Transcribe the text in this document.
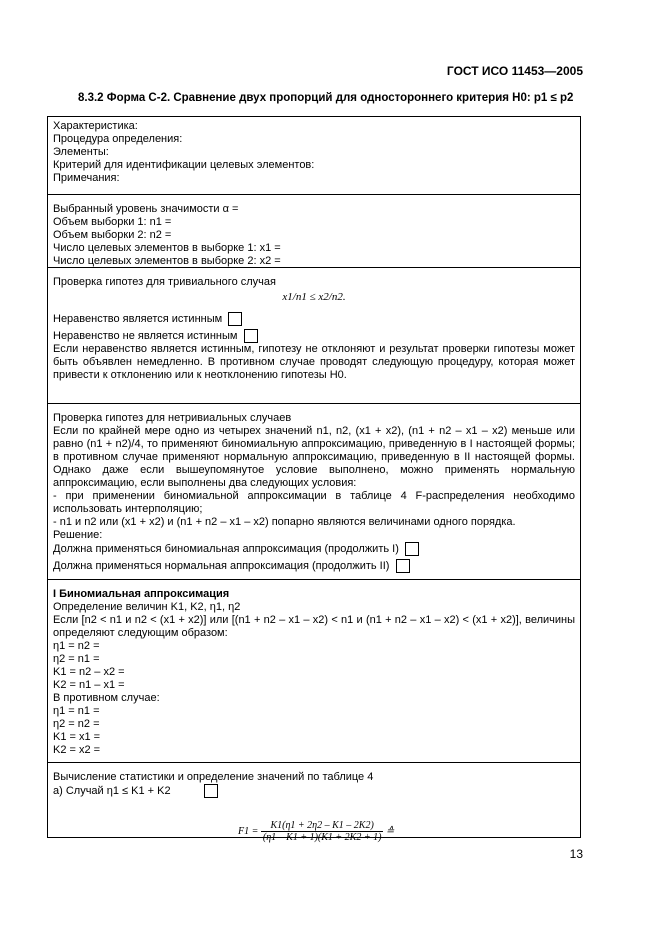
ГОСТ ИСО 11453—2005
8.3.2 Форма С-2. Сравнение двух пропорций для одностороннего критерия H0: p1 ≤ p2
Характеристика:
Процедура определения:
Элементы:
Критерий для идентификации целевых элементов:
Примечания:
Выбранный уровень значимости α =
Объем выборки 1: n1 =
Объем выборки 2: n2 =
Число целевых элементов в выборке 1: x1 =
Число целевых элементов в выборке 2: x2 =
Проверка гипотез для тривиального случая
x1/n1 ≤ x2/n2.
Неравенство является истинным
Неравенство не является истинным
Если неравенство является истинным, гипотезу не отклоняют и результат проверки гипотезы может быть объявлен немедленно. В противном случае проводят следующую процедуру, которая может привести к отклонению или к неотклонению гипотезы H0.
Проверка гипотез для нетривиальных случаев
Если по крайней мере одно из четырех значений n1, n2, (x1 + x2), (n1 + n2 – x1 – x2) меньше или равно (n1 + n2)/4, то применяют биномиальную аппроксимацию, приведенную в I настоящей формы; в противном случае применяют нормальную аппроксимацию, приведенную в II настоящей формы. Однако даже если вышеупомянутое условие выполнено, можно применять нормальную аппроксимацию, если выполнены два следующих условия:
- при применении биномиальной аппроксимации в таблице 4 F-распределения необходимо использовать интерполяцию;
- n1 и n2 или (x1 + x2) и (n1 + n2 – x1 – x2) попарно являются величинами одного порядка.
Решение:
Должна применяться биномиальная аппроксимация (продолжить I)
Должна применяться нормальная аппроксимация (продолжить II)
I Биномиальная аппроксимация
Определение величин K1, K2, η1, η2
Если [n2 < n1 и n2 < (x1 + x2)] или [(n1 + n2 – x1 – x2) < n1 и (n1 + n2 – x1 – x2) < (x1 + x2)], величины определяют следующим образом:
η1 = n2 =
η2 = n1 =
K1 = n2 – x2 =
K2 = n1 – x1 =
В противном случае:
η1 = n1 =
η2 = n2 =
K1 = x1 =
K2 = x2 =
Вычисление статистики и определение значений по таблице 4
а) Случай η1 ≤ K1 + K2
$F1 = \frac{K1(\eta 1 + 2\eta 2 - K1 - 2K2)}{(\eta 1 - K1 + 1)(K1 + 2K2 + 1)}$ ≙
13
